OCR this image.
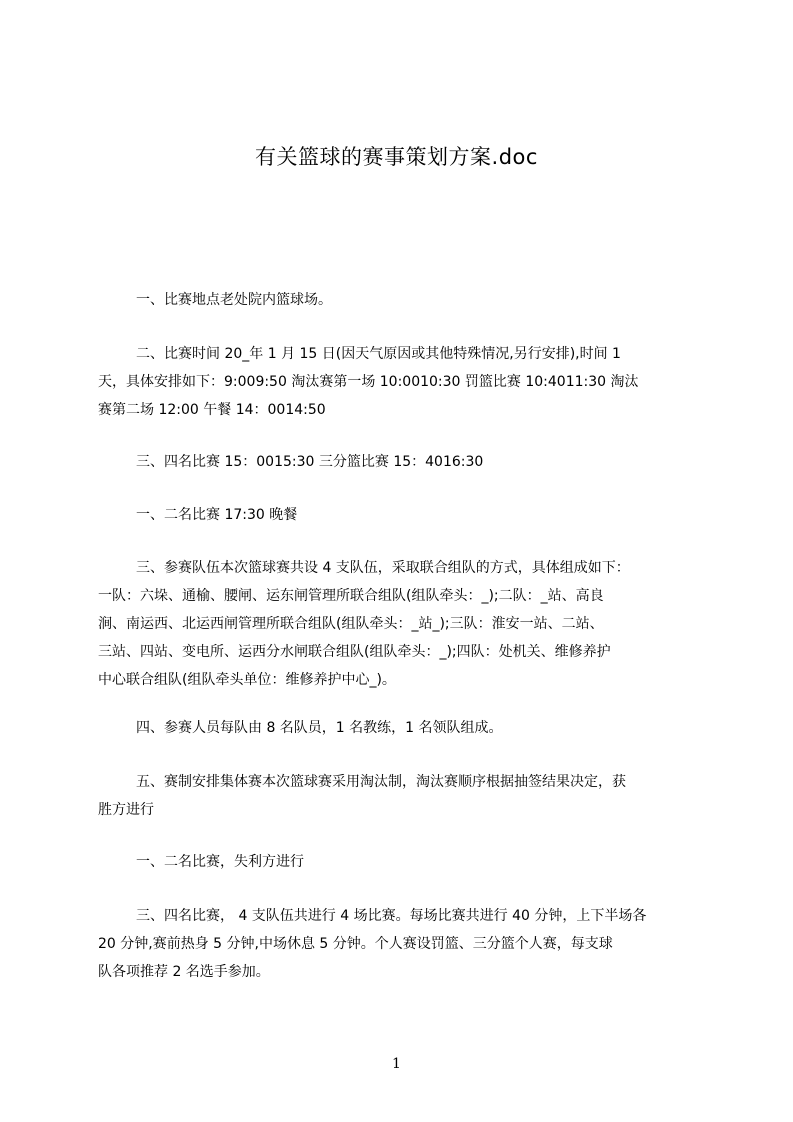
有关篮球的赛事策划方案.doc

一、比赛地点老处院内篮球场。

二、比赛时间 20_年 1 月 15 日(因天气原因或其他特殊情况,另行安排),时间 1
天，具体安排如下：9:009:50 淘汰赛第一场 10:0010:30 罚篮比赛 10:4011:30 淘汰
赛第二场 12:00 午餐 14：0014:50

三、四名比赛 15：0015:30 三分篮比赛 15：4016:30

一、二名比赛 17:30 晚餐

三、参赛队伍本次篮球赛共设 4 支队伍，采取联合组队的方式，具体组成如下：
一队：六垛、通榆、腰闸、运东闸管理所联合组队(组队牵头：_);二队：_站、高良
涧、南运西、北运西闸管理所联合组队(组队牵头：_站_);三队：淮安一站、二站、
三站、四站、变电所、运西分水闸联合组队(组队牵头：_);四队：处机关、维修养护
中心联合组队(组队牵头单位：维修养护中心_)。

四、参赛人员每队由 8 名队员，1 名教练，1 名领队组成。

五、赛制安排集体赛本次篮球赛采用淘汰制，淘汰赛顺序根据抽签结果决定，获
胜方进行

一、二名比赛，失利方进行

三、四名比赛， 4 支队伍共进行 4 场比赛。每场比赛共进行 40 分钟，上下半场各
20 分钟,赛前热身 5 分钟,中场休息 5 分钟。个人赛设罚篮、三分篮个人赛，每支球
队各项推荐 2 名选手参加。

1
